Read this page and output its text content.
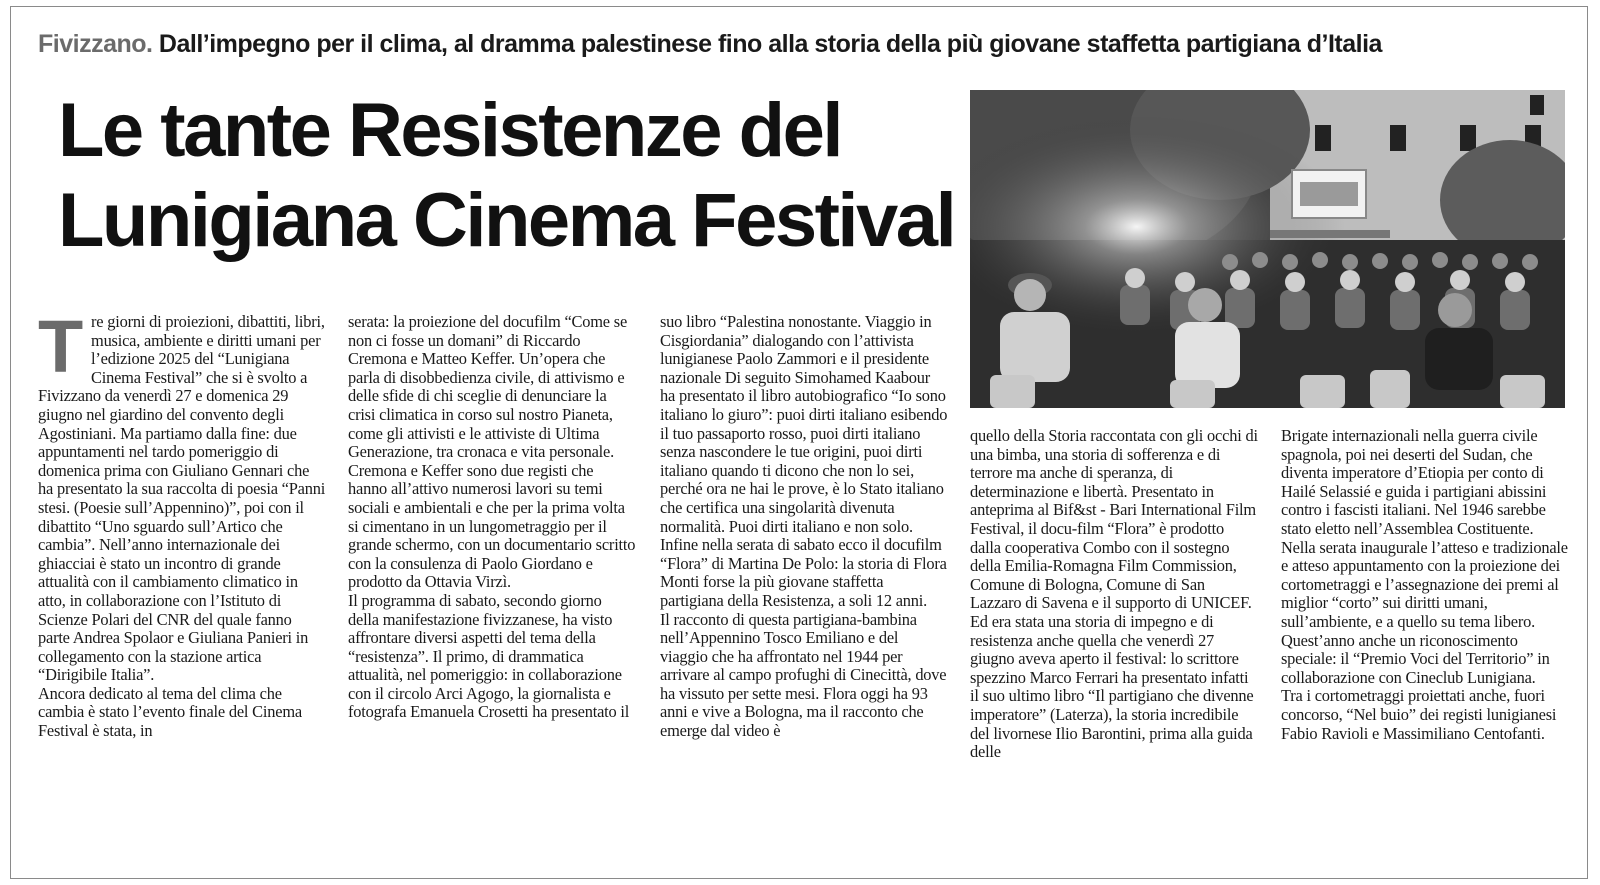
Fivizzano. Dall’impegno per il clima, al dramma palestinese fino alla storia della più giovane staffetta partigiana d’Italia
Le tante Resistenze del
Lunigiana Cinema Festival
T re giorni di proiezioni, dibattiti, libri, musica, ambiente e diritti umani per l’edizione 2025 del “Lunigiana Cinema Festival” che si è svolto a Fivizzano da venerdì 27 e domenica 29 giugno nel giardino del convento degli Agostiniani. Ma partiamo dalla fine: due appuntamenti nel tardo pomeriggio di domenica prima con Giuliano Gennari che ha presentato la sua raccolta di poesia “Panni stesi. (Poesie sull’Appennino)”, poi con il dibattito “Uno sguardo sull’Artico che cambia”. Nell’anno internazionale dei ghiacciai è stato un incontro di grande attualità con il cambiamento climatico in atto, in collaborazione con l’Istituto di Scienze Polari del CNR del quale fanno parte Andrea Spolaor e Giuliana Panieri in collegamento con la stazione artica “Dirigibile Italia”.

Ancora dedicato al tema del clima che cambia è stato l’evento finale del Cinema Festival è stata, in

serata: la proiezione del docufilm “Come se non ci fosse un domani” di Riccardo Cremona e Matteo Keffer. Un’opera che parla di disobbedienza civile, di attivismo e delle sfide di chi sceglie di denunciare la crisi climatica in corso sul nostro Pianeta, come gli attivisti e le attiviste di Ultima Generazione, tra cronaca e vita personale. Cremona e Keffer sono due registi che hanno all’attivo numerosi lavori su temi sociali e ambientali e che per la prima volta si cimentano in un lungometraggio per il grande schermo, con un documentario scritto con la consulenza di Paolo Giordano e prodotto da Ottavia Virzì.

Il programma di sabato, secondo giorno della manifestazione fivizzanese, ha visto affrontare diversi aspetti del tema della “resistenza”. Il primo, di drammatica attualità, nel pomeriggio: in collaborazione con il circolo Arci Agogo, la giornalista e fotografa Emanuela Crosetti ha presentato il

suo libro “Palestina nonostante. Viaggio in Cisgiordania” dialogando con l’attivista lunigianese Paolo Zammori e il presidente nazionale Di seguito Simohamed Kaabour ha presentato il libro autobiografico “Io sono italiano lo giuro”: puoi dirti italiano esibendo il tuo passaporto rosso, puoi dirti italiano senza nascondere le tue origini, puoi dirti italiano quando ti dicono che non lo sei, perché ora ne hai le prove, è lo Stato italiano che certifica una singolarità divenuta normalità. Puoi dirti italiano e non solo.

Infine nella serata di sabato ecco il docufilm “Flora” di Martina De Polo: la storia di Flora Monti forse la più giovane staffetta partigiana della Resistenza, a soli 12 anni.

Il racconto di questa partigiana-bambina nell’Appennino Tosco Emiliano e del viaggio che ha affrontato nel 1944 per arrivare al campo profughi di Cinecittà, dove ha vissuto per sette mesi. Flora oggi ha 93 anni e vive a Bologna, ma il racconto che emerge dal video è

quello della Storia raccontata con gli occhi di una bimba, una storia di sofferenza e di terrore ma anche di speranza, di determinazione e libertà. Presentato in anteprima al Bif&st - Bari International Film Festival, il docu-film “Flora” è prodotto dalla cooperativa Combo con il sostegno della Emilia-Romagna Film Commission, Comune di Bologna, Comune di San Lazzaro di Savena e il supporto di UNICEF.

Ed era stata una storia di impegno e di resistenza anche quella che venerdì 27 giugno aveva aperto il festival: lo scrittore spezzino Marco Ferrari ha presentato infatti il suo ultimo libro “Il partigiano che divenne imperatore” (Laterza), la storia incredibile del livornese Ilio Barontini, prima alla guida delle

Brigate internazionali nella guerra civile spagnola, poi nei deserti del Sudan, che diventa imperatore d’Etiopia per conto di Hailé Selassié e guida i partigiani abissini contro i fascisti italiani. Nel 1946 sarebbe stato eletto nell’Assemblea Costituente.

Nella serata inaugurale l’atteso e tradizionale e atteso appuntamento con la proiezione dei cortometraggi e l’assegnazione dei premi al miglior “corto” sui diritti umani, sull’ambiente, e a quello su tema libero. Quest’anno anche un riconoscimento speciale: il “Premio Voci del Territorio” in collaborazione con Cineclub Lunigiana.

Tra i cortometraggi proiettati anche, fuori concorso, “Nel buio” dei registi lunigianesi Fabio Ravioli e Massimiliano Centofanti.
